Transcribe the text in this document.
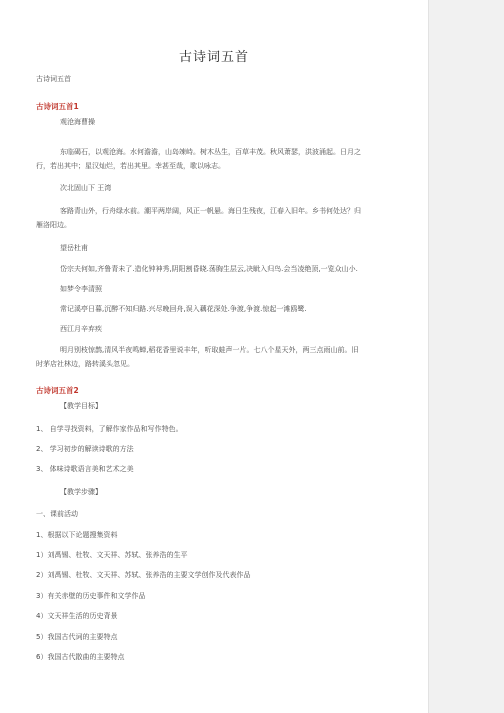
古诗词五首
古诗词五首
古诗词五首1
观沧海曹操
东临碣石，以观沧海。水何澹澹，山岛竦峙。树木丛生，百草丰茂。秋风萧瑟，洪波涌起。日月之
行，若出其中；星汉灿烂，若出其里。幸甚至哉，歌以咏志。
次北固山下 王湾
客路青山外，行舟绿水前。潮平两岸阔，风正一帆悬。海日生残夜，江春入旧年。乡书何处达？归
雁洛阳边。
望岳杜甫
岱宗夫何如,齐鲁青未了.造化钟神秀,阴阳割昏晓.荡胸生层云,决眦入归鸟.会当凌绝顶,一览众山小.
如梦令李清照
常记溪亭日暮,沉醉不知归路.兴尽晚回舟,误入藕花深处.争渡,争渡.惊起一滩鸥鹭.
西江月辛弃疾
明月别枝惊鹊,清风半夜鸣蝉,稻花香里说丰年，听取蛙声一片。七八个星天外，两三点雨山前。旧
时茅店社林边，路转溪头忽见。
古诗词五首2
【教学目标】
1、 自学寻找资料，了解作家作品和写作特色。
2、 学习初步的解读诗歌的方法
3、 体味诗歌语言美和艺术之美
【教学步骤】
一、课前活动
1、根据以下论题搜集资料
1）刘禹锡、杜牧、文天祥、苏轼、张养浩的生平
2）刘禹锡、杜牧、文天祥、苏轼、张养浩的主要文学创作及代表作品
3）有关赤壁的历史事件和文学作品
4）文天祥生活的历史背景
5）我国古代词的主要特点
6）我国古代散曲的主要特点
